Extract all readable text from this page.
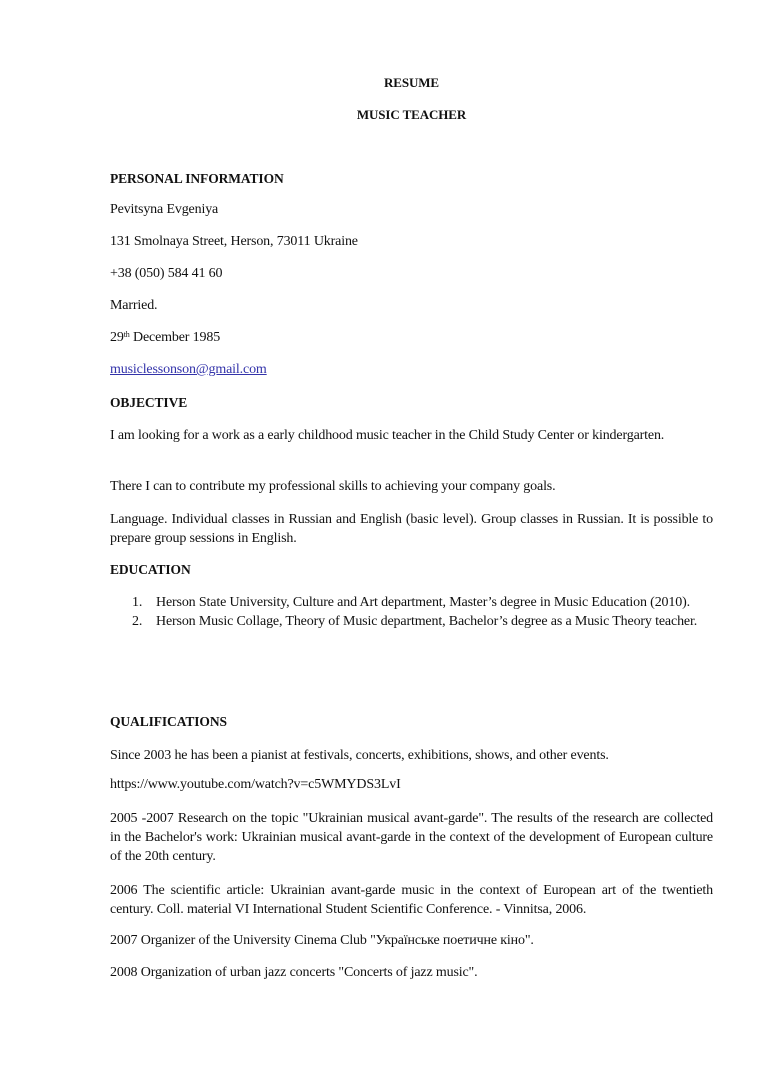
RESUME
MUSIC TEACHER
PERSONAL INFORMATION
Pevitsyna Evgeniya
131 Smolnaya Street, Herson, 73011 Ukraine
+38 (050) 584 41 60
Married.
29th December 1985
musiclessonson@gmail.com
OBJECTIVE
I am looking for a work as a early childhood music teacher in the Child Study Center or kindergarten.
There I can to contribute my professional skills to achieving your company goals.
Language. Individual classes in Russian and English (basic level). Group classes in Russian. It is possible to prepare group sessions in English.
EDUCATION
1. Herson State University, Culture and Art department, Master’s degree in Music Education (2010).
2. Herson Music Collage, Theory of Music department, Bachelor’s degree as a Music Theory teacher.
QUALIFICATIONS
Since 2003 he has been a pianist at festivals, concerts, exhibitions, shows, and other events.
https://www.youtube.com/watch?v=c5WMYDS3LvI
2005 -2007 Research on the topic "Ukrainian musical avant-garde". The results of the research are collected in the Bachelor's work: Ukrainian musical avant-garde in the context of the development of European culture of the 20th century.
2006 The scientific article: Ukrainian avant-garde music in the context of European art of the twentieth century. Coll. material VI International Student Scientific Conference. - Vinnitsa, 2006.
2007 Organizer of the University Cinema Club "Українське поетичне кіно".
2008 Organization of urban jazz concerts "Concerts of jazz music".
